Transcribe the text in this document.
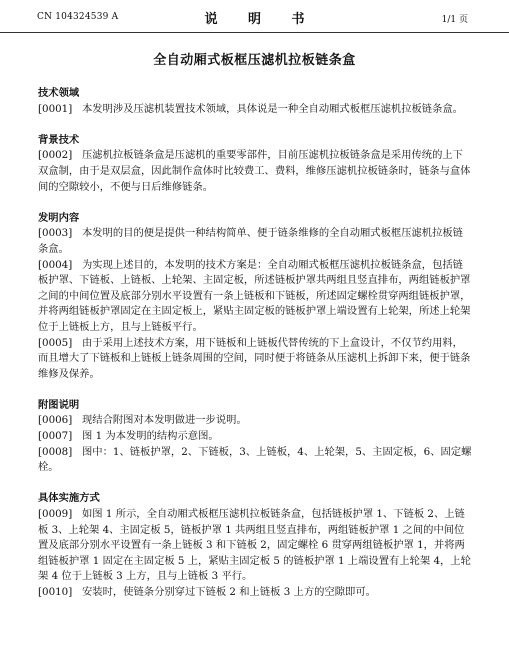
CN 104324539 A	说 明 书	1/1 页
全自动厢式板框压滤机拉板链条盒

技术领域

[0001] 本发明涉及压滤机装置技术领域，具体说是一种全自动厢式板框压滤机拉板链条盒。

背景技术

[0002] 压滤机拉板链条盒是压滤机的重要零部件，目前压滤机拉板链条盒是采用传统的上下双盒制，由于是双层盒，因此制作盒体时比较费工、费料，维修压滤机拉板链条时，链条与盒体间的空隙较小，不便与日后维修链条。

发明内容

[0003] 本发明的目的便是提供一种结构简单、便于链条维修的全自动厢式板框压滤机拉板链条盒。

[0004] 为实现上述目的，本发明的技术方案是：全自动厢式板框压滤机拉板链条盒，包括链板护罩、下链板、上链板、上轮架、主固定板，所述链板护罩共两组且竖直排布，两组链板护罩之间的中间位置及底部分别水平设置有一条上链板和下链板，所述固定螺栓贯穿两组链板护罩，并将两组链板护罩固定在主固定板上，紧贴主固定板的链板护罩上端设置有上轮架，所述上轮架位于上链板上方，且与上链板平行。

[0005] 由于采用上述技术方案，用下链板和上链板代替传统的下上盒设计，不仅节约用料，而且增大了下链板和上链板上链条周围的空间，同时便于将链条从压滤机上拆卸下来，便于链条维修及保养。

附图说明

[0006] 现结合附图对本发明做进一步说明。

[0007] 图 1 为本发明的结构示意图。

[0008] 图中：1、链板护罩，2、下链板，3、上链板，4、上轮架，5、主固定板，6、固定螺栓。

具体实施方式

[0009] 如图 1 所示，全自动厢式板框压滤机拉板链条盒，包括链板护罩 1、下链板 2、上链板 3、上轮架 4、主固定板 5，链板护罩 1 共两组且竖直排布，两组链板护罩 1 之间的中间位置及底部分别水平设置有一条上链板 3 和下链板 2，固定螺栓 6 贯穿两组链板护罩 1，并将两组链板护罩 1 固定在主固定板 5 上，紧贴主固定板 5 的链板护罩 1 上端设置有上轮架 4，上轮架 4 位于上链板 3 上方，且与上链板 3 平行。

[0010] 安装时，使链条分别穿过下链板 2 和上链板 3 上方的空隙即可。
